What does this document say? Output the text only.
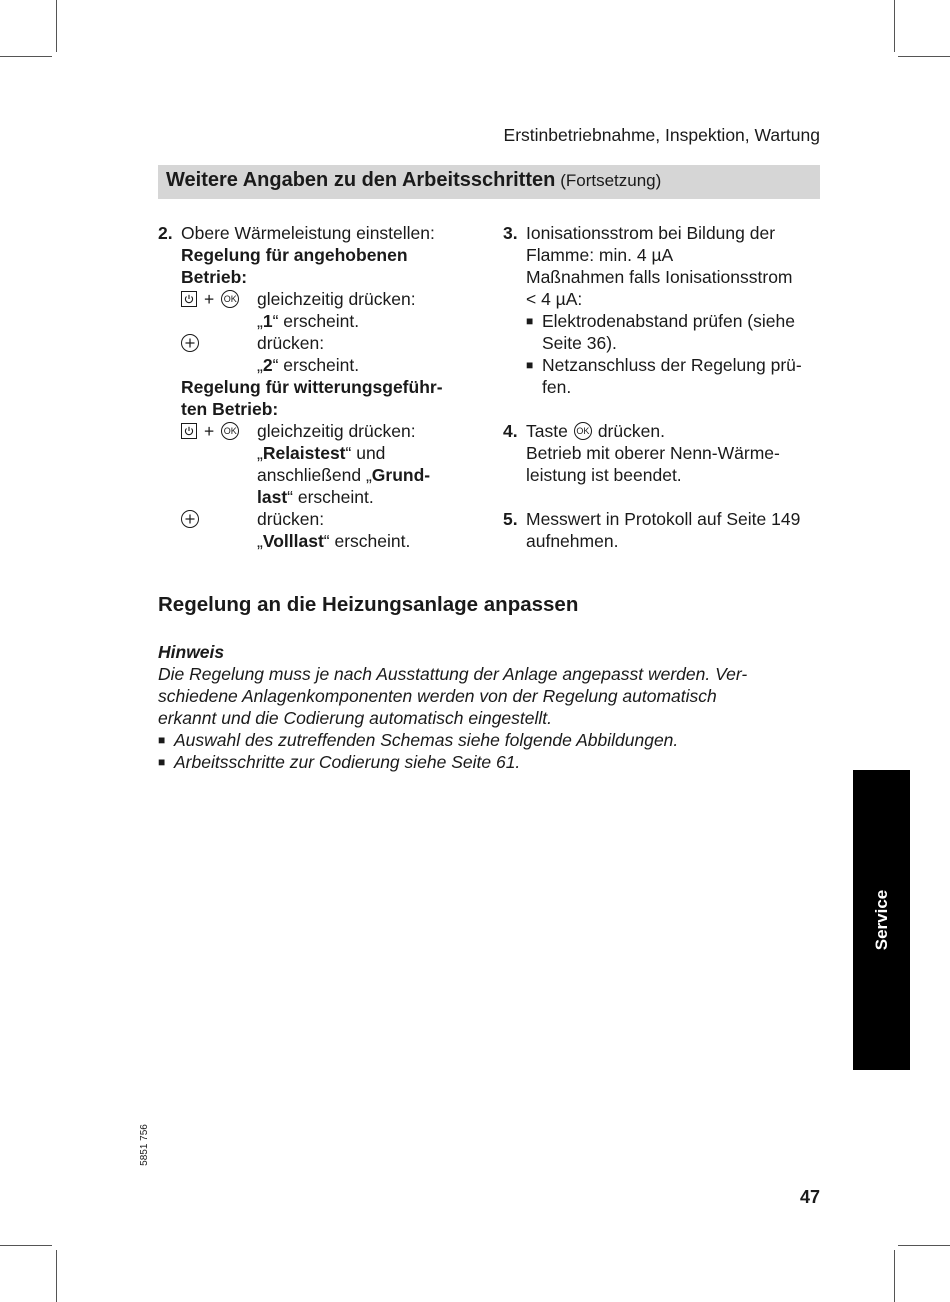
Erstinbetriebnahme, Inspektion, Wartung
Weitere Angaben zu den Arbeitsschritten (Fortsetzung)
2. Obere Wärmeleistung einstellen:
Regelung für angehobenen
Betrieb:
+ OK gleichzeitig drücken:
„1“ erscheint.
drücken:
„2“ erscheint.
Regelung für witterungsgeführ-
ten Betrieb:
+ OK gleichzeitig drücken:
„Relaistest“ und
anschließend „Grund-
last“ erscheint.
drücken:
„Volllast“ erscheint.
3. Ionisationsstrom bei Bildung der
Flamme: min. 4 µA
Maßnahmen falls Ionisationsstrom
< 4 µA:
■ Elektrodenabstand prüfen (siehe
Seite 36).
■ Netzanschluss der Regelung prü-
fen.
4. Taste OK drücken.
Betrieb mit oberer Nenn-Wärme-
leistung ist beendet.
5. Messwert in Protokoll auf Seite 149
aufnehmen.
Regelung an die Heizungsanlage anpassen
Hinweis
Die Regelung muss je nach Ausstattung der Anlage angepasst werden. Ver-
schiedene Anlagenkomponenten werden von der Regelung automatisch
erkannt und die Codierung automatisch eingestellt.
■ Auswahl des zutreffenden Schemas siehe folgende Abbildungen.
■ Arbeitsschritte zur Codierung siehe Seite 61.
Service
5851 756
47
